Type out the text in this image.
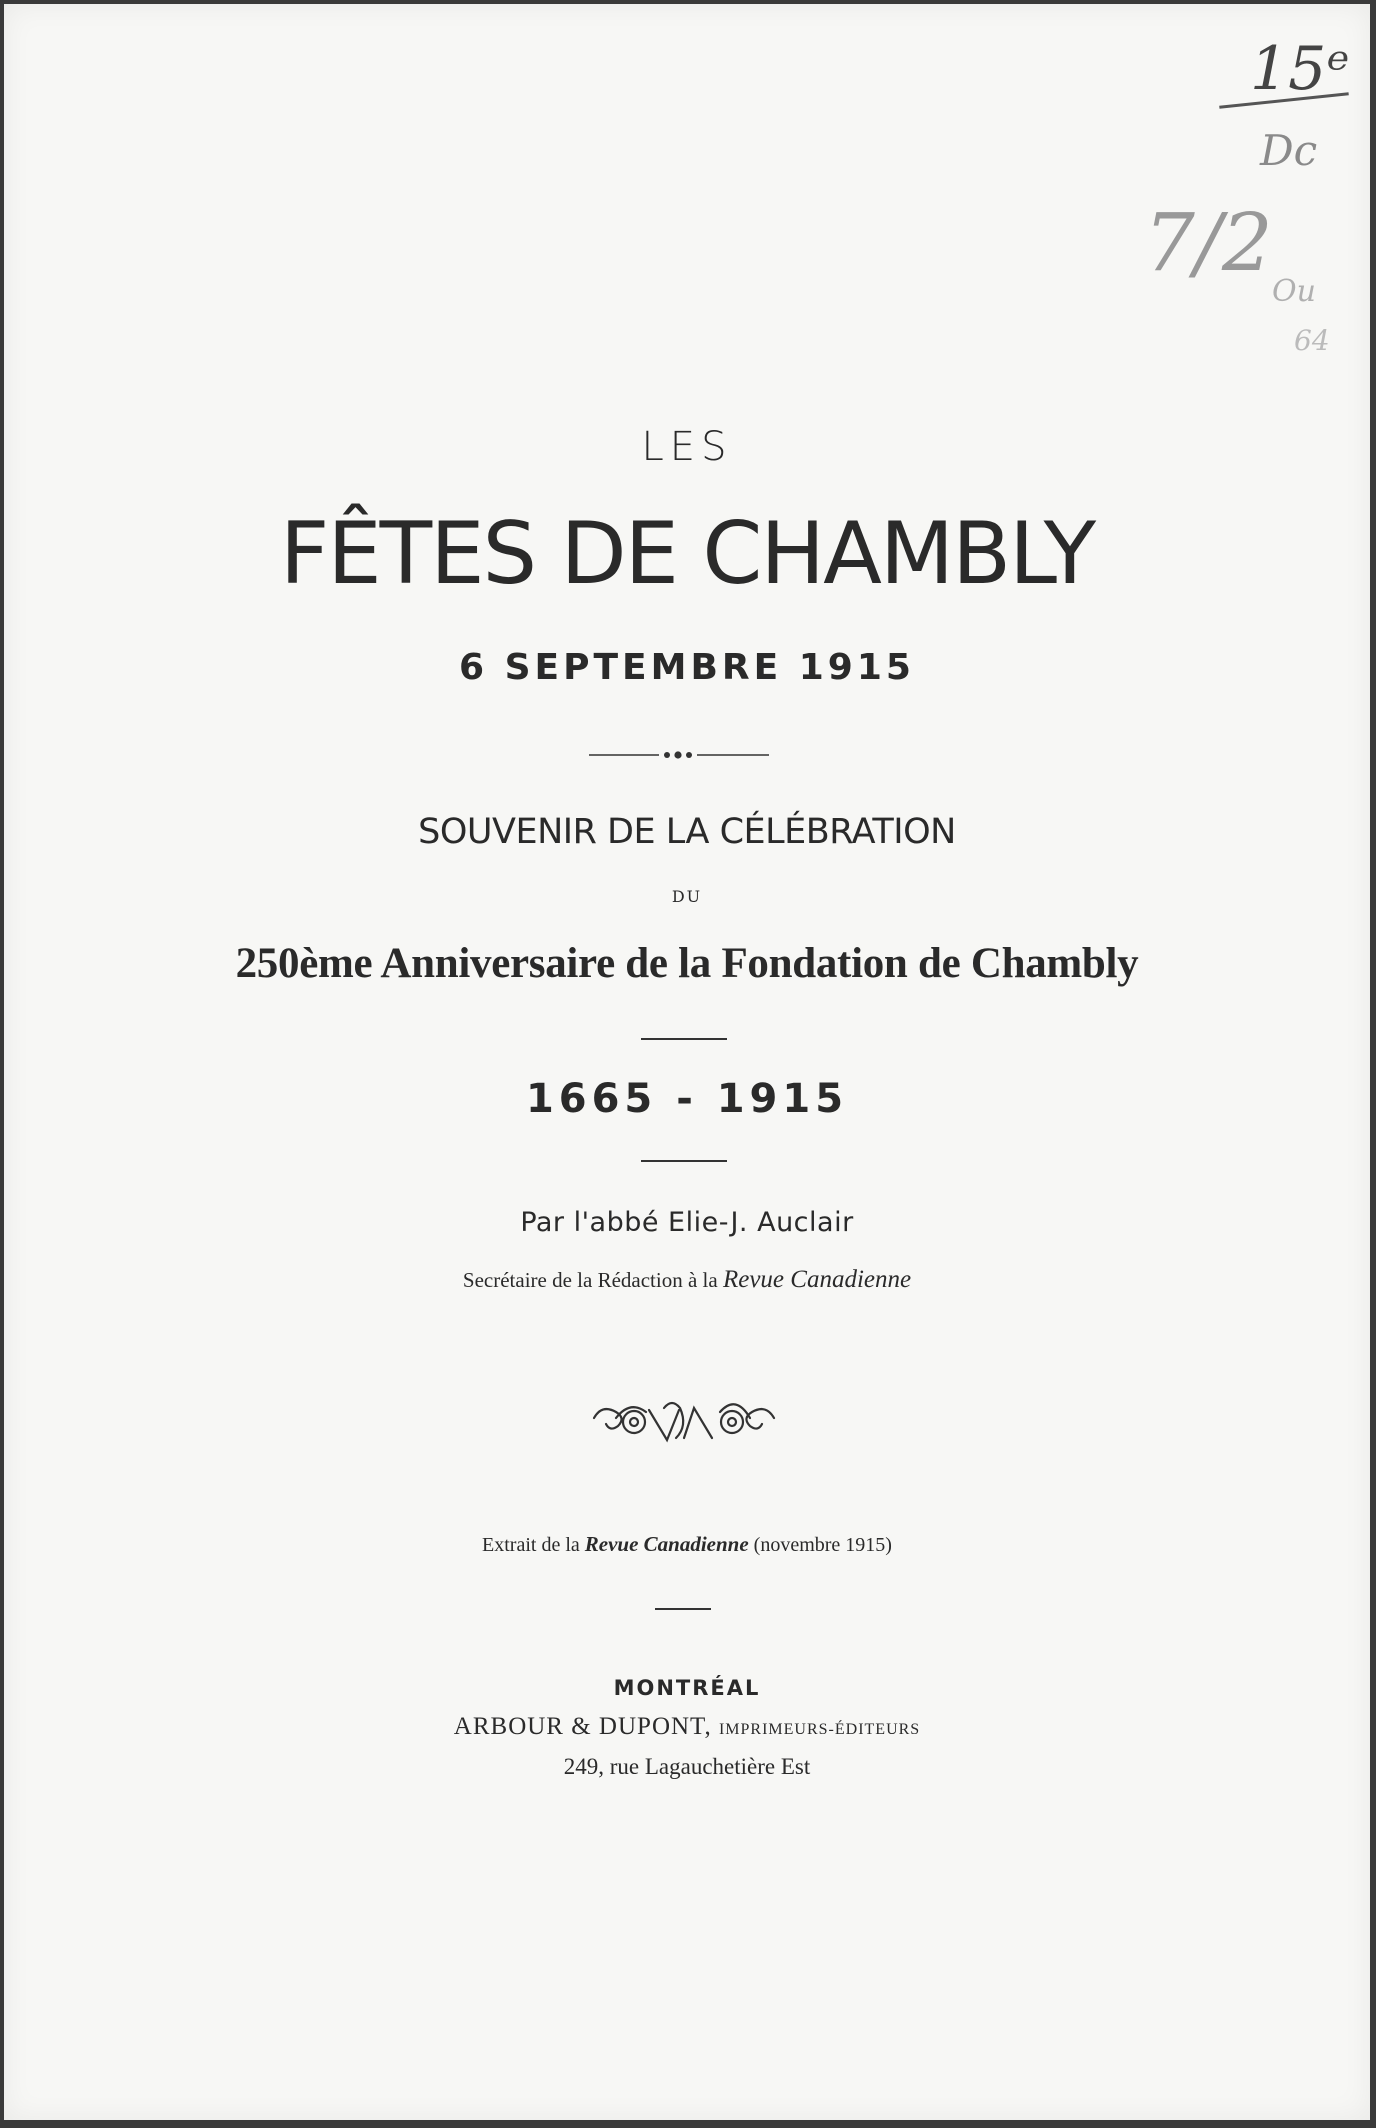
15ᵉ
Dc
7/2
Ou
64
LES
FÊTES DE CHAMBLY
6 SEPTEMBRE 1915
SOUVENIR DE LA CÉLÉBRATION
DU
250ème Anniversaire de la Fondation de Chambly
1665 - 1915
Par l'abbé Elie-J. Auclair
Secrétaire de la Rédaction à la Revue Canadienne
Extrait de la Revue Canadienne (novembre 1915)
MONTRÉAL
ARBOUR & DUPONT, IMPRIMEURS-ÉDITEURS
249, rue Lagauchetière Est
